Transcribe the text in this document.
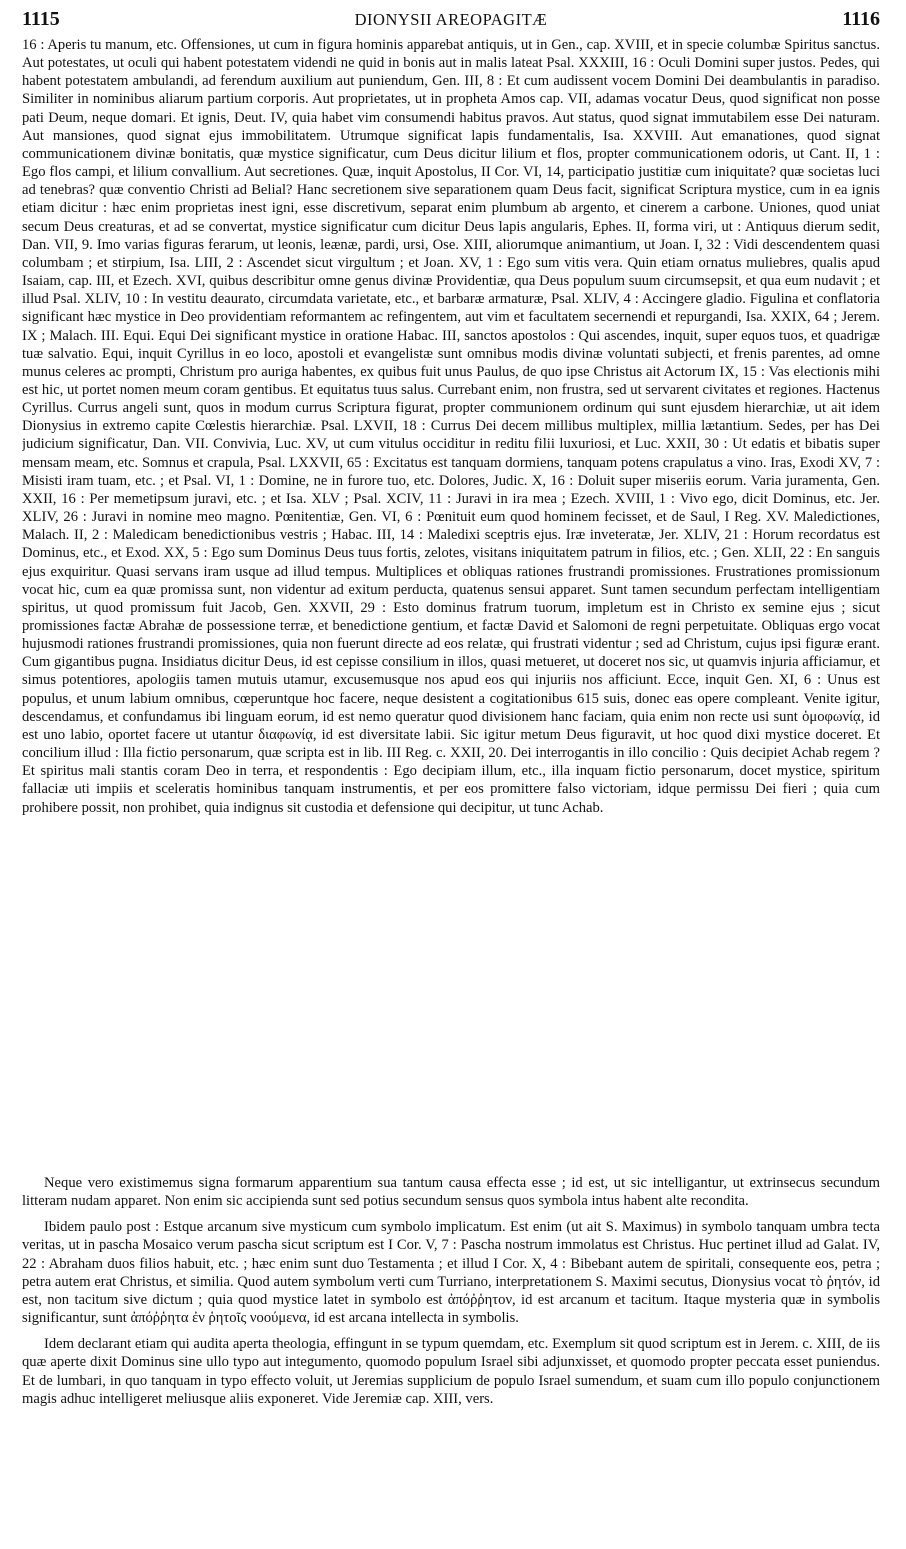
1115	DIONYSII AREOPAGITÆ	1116

16 : Aperis tu manum, etc. Offensiones, ut cum in figura hominis apparebat antiquis, ut in Gen., cap. XVIII, et in specie columbæ Spiritus sanctus. Aut potestates, ut oculi qui habent potestatem videndi ne quid in bonis aut in malis lateat Psal. XXXIII, 16 : Oculi Domini super justos. Pedes, qui habent potestatem ambulandi, ad ferendum auxilium aut puniendum, Gen. III, 8 : Et cum audissent vocem Domini Dei deambulantis in paradiso. Similiter in nominibus aliarum partium corporis. Aut proprietates, ut in propheta Amos cap. VII, adamas vocatur Deus, quod significat non posse pati Deum, neque domari. Et ignis, Deut. IV, quia habet vim consumendi habitus pravos. Aut status, quod signat immutabilem esse Dei naturam. Aut mansiones, quod signat ejus immobilitatem. Utrumque significat lapis fundamentalis, Isa. XXVIII. Aut emanationes, quod signat communicationem divinæ bonitatis, quæ mystice significatur, cum Deus dicitur lilium et flos, propter communicationem odoris, ut Cant. II, 1 : Ego flos campi, et lilium convallium. Aut secretiones. Quæ, inquit Apostolus, II Cor. VI, 14, participatio justitiæ cum iniquitate? quæ societas luci ad tenebras? quæ conventio Christi ad Belial? Hanc secretionem sive separationem quam Deus facit, significat Scriptura mystice, cum in ea ignis etiam dicitur : hæc enim proprietas inest igni, esse discretivum, separat enim plumbum ab argento, et cinerem a carbone. Uniones, quod uniat secum Deus creaturas, et ad se convertat, mystice significatur cum dicitur Deus lapis angularis, Ephes. II, forma viri, ut : Antiquus dierum sedit, Dan. VII, 9. Imo varias figuras ferarum, ut leonis, leænæ, pardi, ursi, Ose. XIII, aliorumque animantium, ut Joan. I, 32 : Vidi descendentem quasi columbam ; et stirpium, Isa. LIII, 2 : Ascendet sicut virgultum ; et Joan. XV, 1 : Ego sum vitis vera. Quin etiam ornatus muliebres, qualis apud Isaiam, cap. III, et Ezech. XVI, quibus describitur omne genus divinæ Providentiæ, qua Deus populum suum circumsepsit, et qua eum nudavit ; et illud Psal. XLIV, 10 : In vestitu deaurato, circumdata varietate, etc., et barbaræ armaturæ, Psal. XLIV, 4 : Accingere gladio. Figulina et conflatoria significant hæc mystice in Deo providentiam reformantem ac refingentem, aut vim et facultatem secernendi et repurgandi, Isa. XXIX, 64 ; Jerem. IX ; Malach. III. Equi. Equi Dei significant mystice in oratione Habac. III, sanctos apostolos : Qui ascendes, inquit, super equos tuos, et quadrigæ tuæ salvatio. Equi, inquit Cyrillus in eo loco, apostoli et evangelistæ sunt omnibus modis divinæ voluntati subjecti, et frenis parentes, ad omne munus celeres ac prompti, Christum pro auriga habentes, ex quibus fuit unus Paulus, de quo ipse Christus ait Actorum IX, 15 : Vas electionis mihi est hic, ut portet nomen meum coram gentibus. Et equitatus tuus salus. Currebant enim, non frustra, sed ut servarent civitates et regiones. Hactenus Cyrillus. Currus angeli sunt, quos in modum currus Scriptura figurat, propter communionem ordinum qui sunt ejusdem hierarchiæ, ut ait idem Dionysius in extremo capite Cœlestis hierarchiæ. Psal. LXVII, 18 : Currus Dei decem millibus multiplex, millia lætantium. Sedes, per has Dei judicium significatur, Dan. VII. Convivia, Luc. XV, ut cum vitulus occiditur in reditu filii luxuriosi, et Luc. XXII, 30 : Ut edatis et bibatis super mensam meam, etc. Somnus et crapula, Psal. LXXVII, 65 : Excitatus est tanquam dormiens, tanquam potens crapulatus a vino. Iras, Exodi XV, 7 : Misisti iram tuam, etc. ; et Psal. VI, 1 : Domine, ne in furore tuo, etc. Dolores, Judic. X, 16 : Doluit super miseriis eorum. Varia juramenta, Gen. XXII, 16 : Per memetipsum juravi, etc. ; et Isa. XLV ; Psal. XCIV, 11 : Juravi in ira mea ; Ezech. XVIII, 1 : Vivo ego, dicit Dominus, etc. Jer. XLIV, 26 : Juravi in nomine meo magno. Pœnitentiæ, Gen. VI, 6 : Pœnituit eum quod hominem fecisset, et de Saul, I Reg. XV. Maledictiones, Malach. II, 2 : Maledicam benedictionibus vestris ; Habac. III, 14 : Maledixi sceptris ejus. Iræ inveteratæ, Jer. XLIV, 21 : Horum recordatus est Dominus, etc., et Exod. XX, 5 : Ego sum Dominus Deus tuus fortis, zelotes, visitans iniquitatem patrum in filios, etc. ; Gen. XLII, 22 : En sanguis ejus exquiritur. Quasi servans iram usque ad illud tempus. Multiplices et obliquas rationes frustrandi promissiones. Frustrationes promissionum vocat hic, cum ea quæ promissa sunt, non videntur ad exitum perducta, quatenus sensui apparet. Sunt tamen secundum perfectam intelligentiam spiritus, ut quod promissum fuit Jacob, Gen. XXVII, 29 : Esto dominus fratrum tuorum, impletum est in Christo ex semine ejus ; sicut promissiones factæ Abrahæ de possessione terræ, et benedictione gentium, et factæ David et Salomoni de regni perpetuitate. Obliquas ergo vocat hujusmodi rationes frustrandi promissiones, quia non fuerunt directe ad eos relatæ, qui frustrati videntur ; sed ad Christum, cujus ipsi figuræ erant. Cum gigantibus pugna. Insidiatus dicitur Deus, id est cepisse consilium in illos, quasi metueret, ut doceret nos sic, ut quamvis injuria afficiamur, et simus potentiores, apologiis tamen mutuis utamur, excusemusque nos apud eos qui injuriis nos afficiunt. Ecce, inquit Gen. XI, 6 : Unus est populus, et unum labium omnibus, cœperuntque hoc facere, neque desistent a cogitationibus 615 suis, donec eas opere compleant. Venite igitur, descendamus, et confundamus ibi linguam eorum, id est nemo queratur quod divisionem hanc faciam, quia enim non recte usi sunt ὁμοφωνίᾳ, id est uno labio, oportet facere ut utantur διαφωνίᾳ, id est diversitate labii. Sic igitur metum Deus figuravit, ut hoc quod dixi mystice doceret. Et concilium illud : Illa fictio personarum, quæ scripta est in lib. III Reg. c. XXII, 20. Dei interrogantis in illo concilio : Quis decipiet Achab regem ? Et spiritus mali stantis coram Deo in terra, et respondentis : Ego decipiam illum, etc., illa inquam fictio personarum, docet mystice, spiritum fallaciæ uti impiis et sceleratis hominibus tanquam instrumentis, et per eos promittere falso victoriam, idque permissu Dei fieri ; quia cum prohibere possit, non prohibet, quia indignus sit custodia et defensione qui decipitur, ut tunc Achab.

Neque vero existimemus signa formarum apparentium sua tantum causa effecta esse ; id est, ut sic intelligantur, ut extrinsecus secundum litteram nudam apparet. Non enim sic accipienda sunt sed potius secundum sensus quos symbola intus habent alte recondita.

Ibidem paulo post : Estque arcanum sive mysticum cum symbolo implicatum. Est enim (ut ait S. Maximus) in symbolo tanquam umbra tecta veritas, ut in pascha Mosaico verum pascha sicut scriptum est I Cor. V, 7 : Pascha nostrum immolatus est Christus. Huc pertinet illud ad Galat. IV, 22 : Abraham duos filios habuit, etc. ; hæc enim sunt duo Testamenta ; et illud I Cor. X, 4 : Bibebant autem de spiritali, consequente eos, petra ; petra autem erat Christus, et similia. Quod autem symbolum verti cum Turriano, interpretationem S. Maximi secutus, Dionysius vocat τὸ ῥητόν, id est, non tacitum sive dictum ; quia quod mystice latet in symbolo est ἀπόῤῥητον, id est arcanum et tacitum. Itaque mysteria quæ in symbolis significantur, sunt ἀπόῤῥητα ἐν ῥητοῖς νοούμενα, id est arcana intellecta in symbolis.

Idem declarant etiam qui audita aperta theologia, effingunt in se typum quemdam, etc. Exemplum sit quod scriptum est in Jerem. c. XIII, de iis quæ aperte dixit Dominus sine ullo typo aut integumento, quomodo populum Israel sibi adjunxisset, et quomodo propter peccata esset puniendus. Et de lumbari, in quo tanquam in typo effecto voluit, ut Jeremias supplicium de populo Israel sumendum, et suam cum illo populo conjunctionem magis adhuc intelligeret meliusque aliis exponeret. Vide Jeremiæ cap. XIII, vers.
